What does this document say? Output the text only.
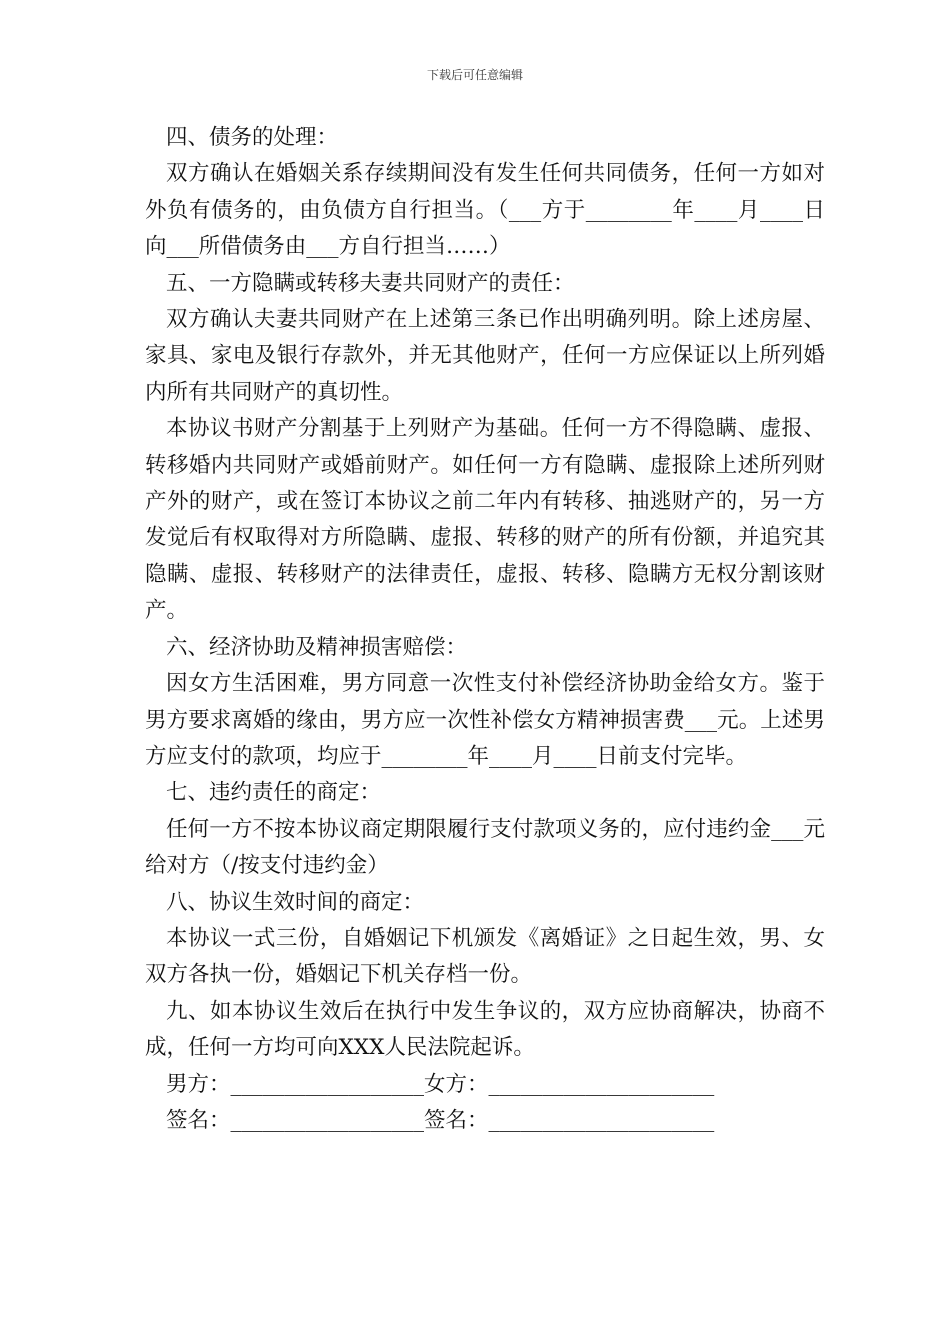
下载后可任意编辑

四、债务的处理：

双方确认在婚姻关系存续期间没有发生任何共同债务，任何一方如对外负有债务的，由负债方自行担当。（___方于________年____月____日向___所借债务由___方自行担当……）

五、一方隐瞒或转移夫妻共同财产的责任：

双方确认夫妻共同财产在上述第三条已作出明确列明。除上述房屋、家具、家电及银行存款外，并无其他财产，任何一方应保证以上所列婚内所有共同财产的真切性。

本协议书财产分割基于上列财产为基础。任何一方不得隐瞒、虚报、转移婚内共同财产或婚前财产。如任何一方有隐瞒、虚报除上述所列财产外的财产，或在签订本协议之前二年内有转移、抽逃财产的，另一方发觉后有权取得对方所隐瞒、虚报、转移的财产的所有份额，并追究其隐瞒、虚报、转移财产的法律责任，虚报、转移、隐瞒方无权分割该财产。

六、经济协助及精神损害赔偿：

因女方生活困难，男方同意一次性支付补偿经济协助金给女方。鉴于男方要求离婚的缘由，男方应一次性补偿女方精神损害费___元。上述男方应支付的款项，均应于________年____月____日前支付完毕。

七、违约责任的商定：

任何一方不按本协议商定期限履行支付款项义务的，应付违约金___元给对方（/按支付违约金）

八、协议生效时间的商定：

本协议一式三份，自婚姻记下机颁发《离婚证》之日起生效，男、女双方各执一份，婚姻记下机关存档一份。

九、如本协议生效后在执行中发生争议的，双方应协商解决，协商不成，任何一方均可向XXX人民法院起诉。

男方：__________________女方：_____________________

签名：__________________签名：_____________________
